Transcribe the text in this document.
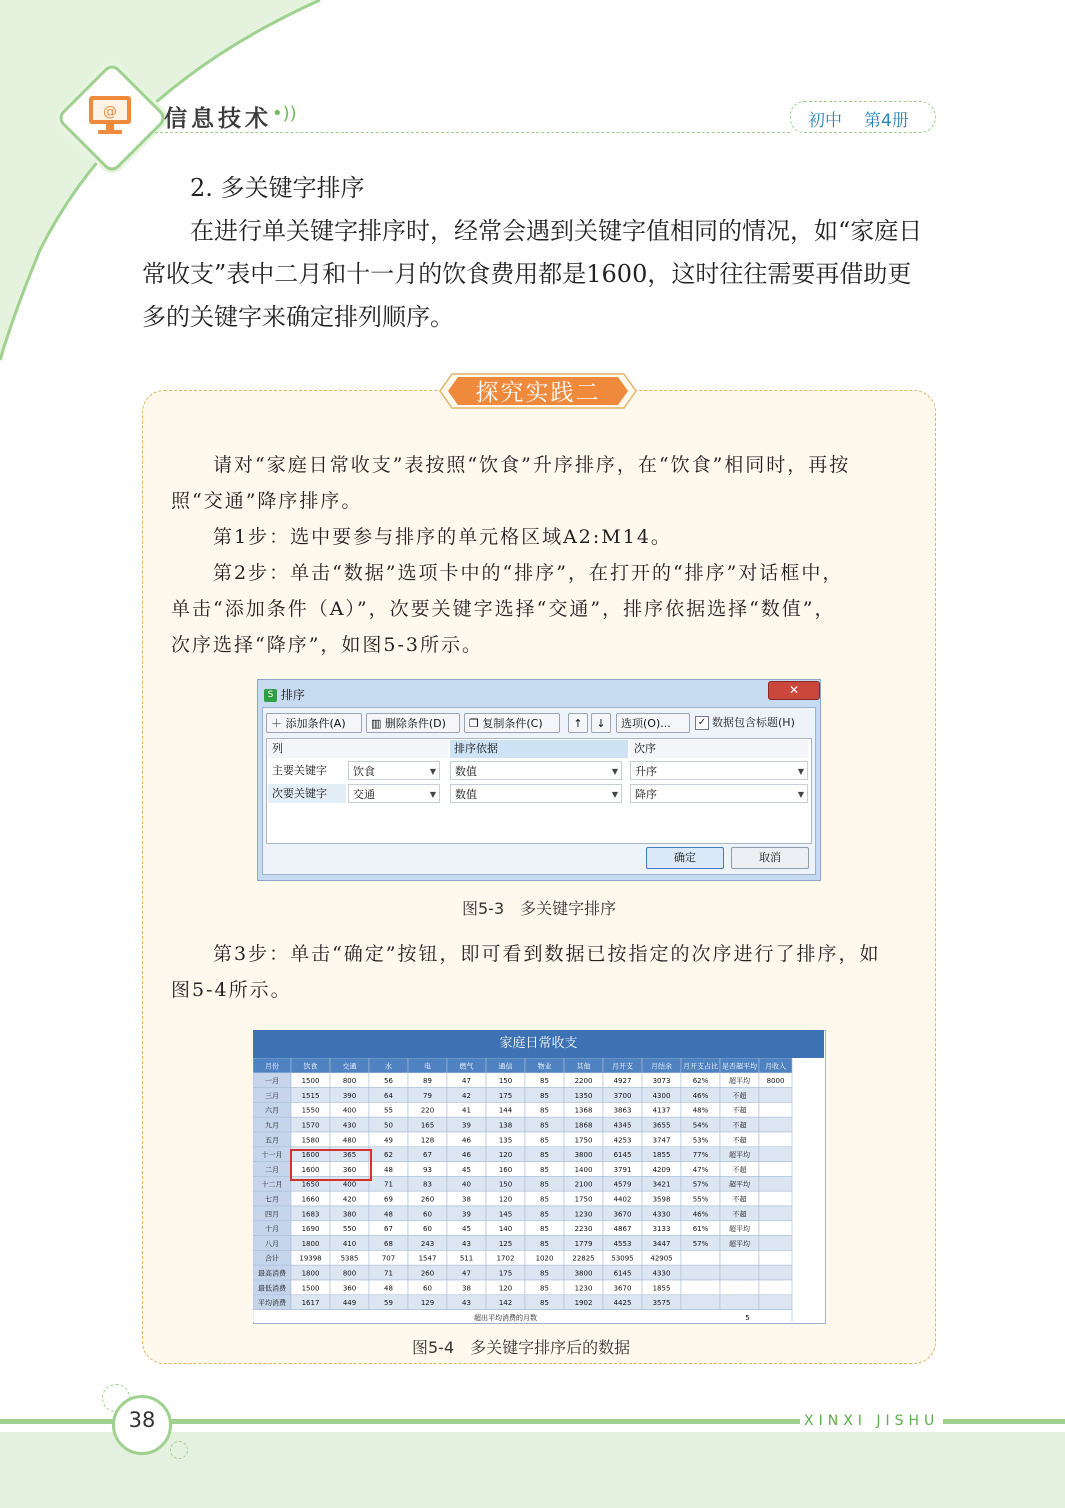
@ 信息技术 •))	初中 第4册
2. 多关键字排序
在进行单关键字排序时，经常会遇到关键字值相同的情况，如“家庭日
常收支”表中二月和十一月的饮食费用都是1600，这时往往需要再借助更
多的关键字来确定排列顺序。
探究实践二
请对“家庭日常收支”表按照“饮食”升序排序，在“饮食”相同时，再按
照“交通”降序排序。
第1步：选中要参与排序的单元格区域A2:M14。
第2步：单击“数据”选项卡中的“排序”，在打开的“排序”对话框中，
单击“添加条件（A）”，次要关键字选择“交通”，排序依据选择“数值”，
次序选择“降序”，如图5-3所示。
S 排序	✕
＋ 添加条件(A)	▥ 删除条件(D)	❐ 复制条件(C)	↑	↓	选项(O)...	✓ 数据包含标题(H)
列	排序依据	次序
主要关键字	饮食	▼	数值	▼	升序	▼
次要关键字	交通	▼	数值	▼	降序	▼
确定	取消
图5-3　多关键字排序
第3步：单击“确定”按钮，即可看到数据已按指定的次序进行了排序，如
图5-4所示。
家庭日常收支
月份	饮食	交通	水	电	燃气	通信	物业	其他	月开支	月结余 月开支占比 是否超平均 月收入
一月	1500	800	56	89	47	150	85	2200	4927	3073	62%	超平均 8000
三月	1515	390	64	79	42	175	85	1350	3700	4300	46%	不超
六月	1550	400	55	220	41	144	85	1368	3863	4137	48%	不超
九月	1570	430	50	165	39	138	85	1868	4345	3655	54%	不超
五月	1580	480	49	128	46	135	85	1750	4253	3747	53%	不超
十一月	1600	365	62	67	46	120	85	3800	6145	1855	77%	超平均
二月	1600	360	48	93	45	160	85	1400	3791	4209	47%	不超
十二月	1650	400	71	83	40	150	85	2100	4579	3421	57%	超平均
七月	1660	420	69	260	38	120	85	1750	4402	3598	55%	不超
四月	1683	380	48	60	39	145	85	1230	3670	4330	46%	不超
十月	1690	550	67	60	45	140	85	2230	4867	3133	61%	超平均
八月	1800	410	68	243	43	125	85	1779	4553	3447	57%	超平均
合计	19398	5385	707	1547	511	1702	1020	22825 53095 42905
最高消费 1800	800	71	260	47	175	85	3800	6145	4330
最低消费 1500	360	48	60	38	120	85	1230	3670	1855
平均消费 1617	449	59	129	43	142	85	1902	4425	3575
超出平均消费的月数	5
图5-4　多关键字排序后的数据
38	XINXI JISHU
